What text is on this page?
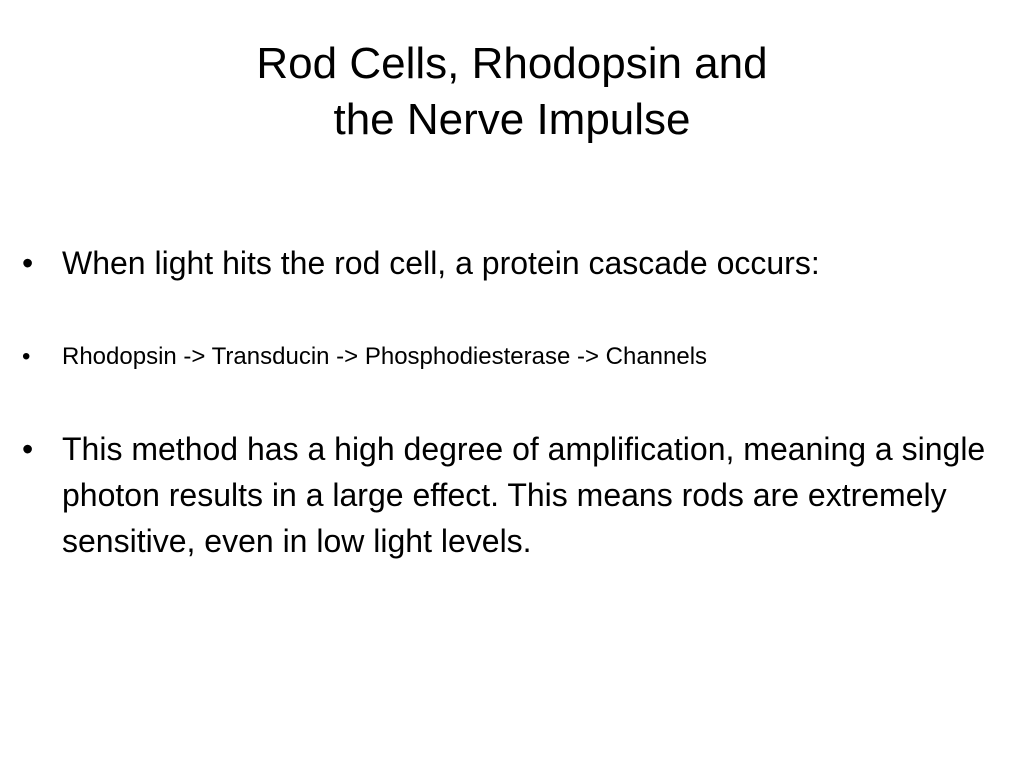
Rod Cells, Rhodopsin and
the Nerve Impulse
• When light hits the rod cell, a protein cascade occurs:
• Rhodopsin -> Transducin -> Phosphodiesterase -> Channels
• This method has a high degree of amplification, meaning a single photon results in a large effect. This means rods are extremely sensitive, even in low light levels.
